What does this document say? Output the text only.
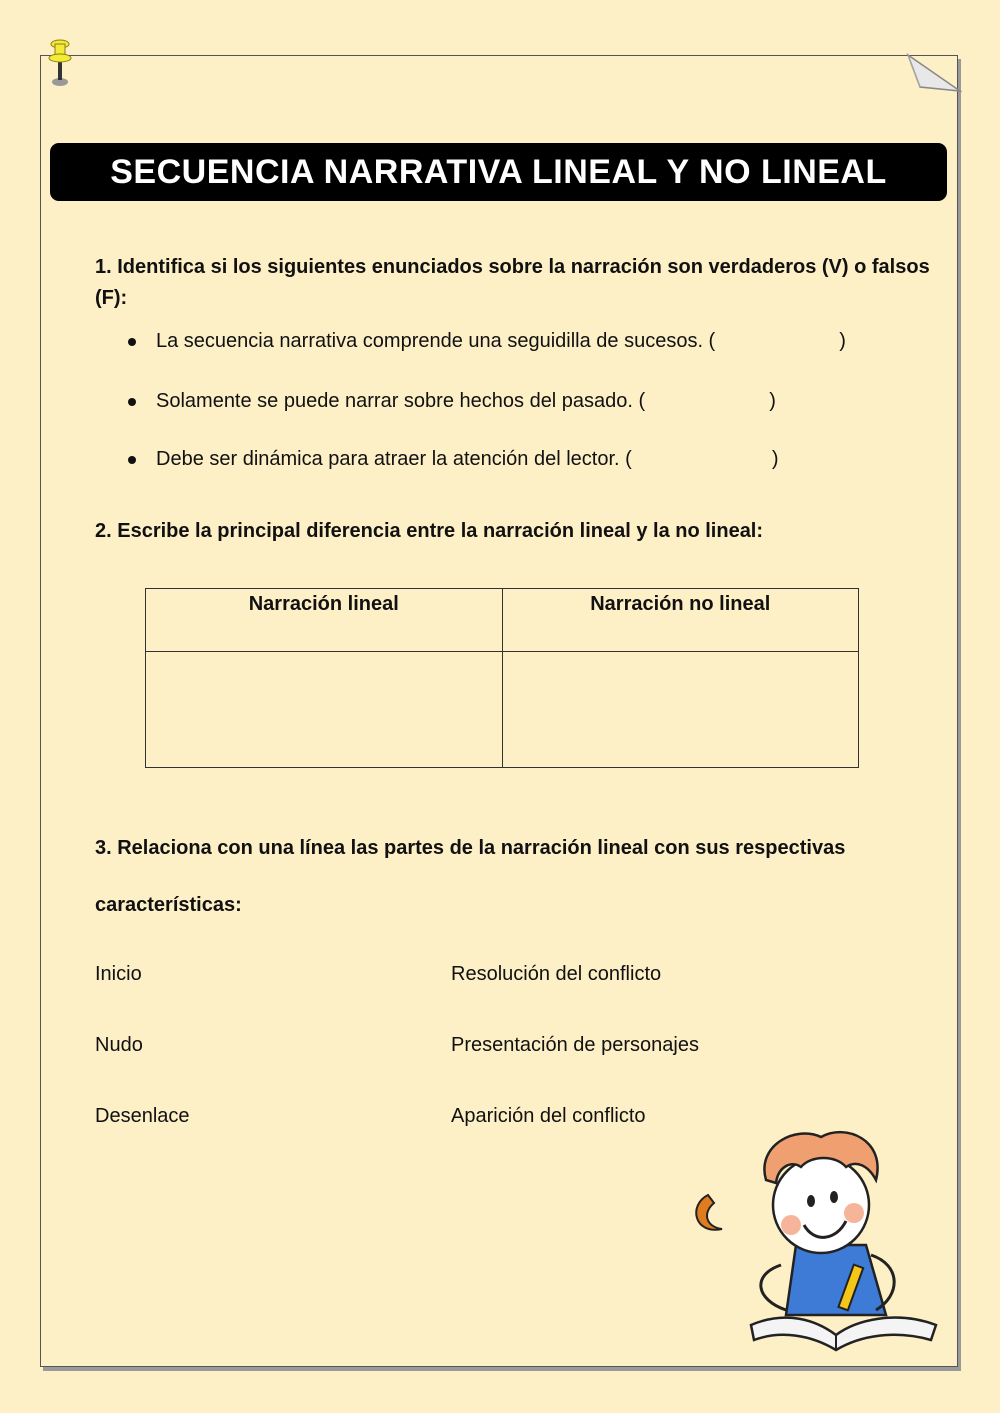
SECUENCIA NARRATIVA LINEAL Y NO LINEAL
1. Identifica si los siguientes enunciados sobre la narración son verdaderos (V) o falsos (F):
La secuencia narrativa comprende una seguidilla de sucesos. (	)
Solamente se puede narrar sobre hechos del pasado. (	)
Debe ser dinámica para atraer la atención del lector. (	)
2. Escribe la principal diferencia entre la narración lineal y la no lineal:
Narración lineal	Narración no lineal

3. Relaciona con una línea las partes de la narración lineal con sus respectivas
características:
Inicio
Nudo
Desenlace
Resolución del conflicto
Presentación de personajes
Aparición del conflicto
